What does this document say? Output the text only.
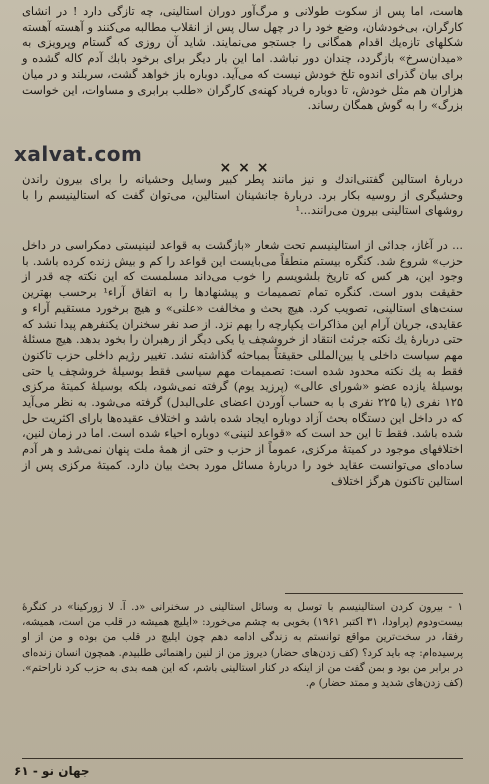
هاست، اما پس از سکوت طولانی و مرگ‌آور دوران استالینی، چه تازگی دارد ! در انشای کارگران، بی‌خودشان، وضع خود را در چهل سال پس از انقلاب مطالبه می‌کنند و آهسته آهسته شکلهای تازه‌یك اقدام همگانی را جستجو می‌نمایند. شاید آن روزی که گستام وپرویزی به «میدان‌سرخ» بازگردد، چندان دور نباشد. اما این بار دیگر برای برخود بابك آدم کاله گشده و برای بیان گذرای اندوه تلخ خودش نیست که می‌آید. دوباره باز خواهد گشت، سربلند و در میان هزاران هم مثل خودش، تا دوباره فریاد کهنه‌ی کارگران «طلب برابری و مساوات، این خواست بزرگ» را به گوش همگان رساند.

xalvat.com
× × ×

دربارهٔ استالین گفتنی‌اندك و نیز مانند پطر کبیر وسایل وحشیانه را برای بیرون راندن وحشیگری از روسیه بکار برد. دربارهٔ جانشینان استالین، می‌توان گفت که استالینیسم را با روشهای استالینی بیرون می‌رانند...¹

... در آغاز، جدائی از استالینیسم تحت شعار «بازگشت به قواعد لنینیستی دمکراسی در داخل حزب» شروع شد. کنگره بیستم منطقاً می‌بایست این قواعد را کم و بیش زنده کرده باشد. با وجود این، هر کس که تاریخ بلشویسم را خوب می‌داند مسلمست که این نکته چه قدر از حقیقت بدور است. کنگره تمام تصمیمات و پیشنهادها را به اتفاق آراء¹ برحسب بهترین سنت‌های استالینی، تصویب کرد. هیچ بحث و مخالفت «علنی» و هیچ برخورد مستقیم آراء و عقایدی، جریان آرام این مذاکرات یکپارچه را بهم نزد. از صد نفر سخنران یکنفرهم پیدا نشد که حتی دربارهٔ یك نکته جرئت انتقاد از خروشچف یا یکی دیگر از رهبران را بخود بدهد. هیچ مسئلهٔ مهم سیاست داخلی یا بین‌المللی حقیقتاً بمباحثه گذاشته نشد. تغییر رژیم داخلی حزب تاکنون فقط به یك نکته محدود شده است: تصمیمات مهم سیاسی فقط بوسیلهٔ خروشچف یا حتی بوسیلهٔ یازده عضو «شورای عالی» (پرزید یوم) گرفته نمی‌شود، بلکه بوسیلهٔ کمیتهٔ مرکزی ۱۲۵ نفری (یا ۲۲۵ نفری با به حساب آوردن اعضای علی‌البدل) گرفته می‌شود. به نظر می‌آید که در داخل این دستگاه بحث آزاد دوباره ایجاد شده باشد و اختلاف عقیده‌ها بارای اکثریت حل شده باشد. فقط تا این حد است که «قواعد لنینی» دوباره احیاء شده است. اما در زمان لنین، اختلافهای موجود در کمیتهٔ مرکزی، عموماً از حزب و حتی از همهٔ ملت پنهان نمی‌شد و هر آدم ساده‌ای می‌توانست عقاید خود را دربارهٔ مسائل مورد بحث بیان دارد. کمیتهٔ مرکزی پس از استالین تاکنون هرگز اختلاف

۱ - بیرون کردن استالینیسم با توسل به وسائل استالینی در سخنرانی «د. آ. لا زورکینا» در کنگرهٔ بیست‌ودوم (پراودا، ۳۱ اکتبر ۱۹۶۱) بخوبی به چشم می‌خورد: «ایلیچ همیشه در قلب من است، همیشه، رفقا، در سخت‌ترین مواقع توانستم به زندگی ادامه دهم چون ایلیچ در قلب من بوده و من از او پرسیده‌ام: چه باید کرد؟ (کف زدن‌های حضار) دیروز من از لنین راهنمائی طلبیدم. همچون انسان زنده‌ای در برابر من بود و بمن گفت من از اینکه در کنار استالینی باشم، که این همه بدی به حزب کرد ناراحتم». (کف زدن‌های شدید و ممتد حضار) م.
جهان نو - ۶۱
